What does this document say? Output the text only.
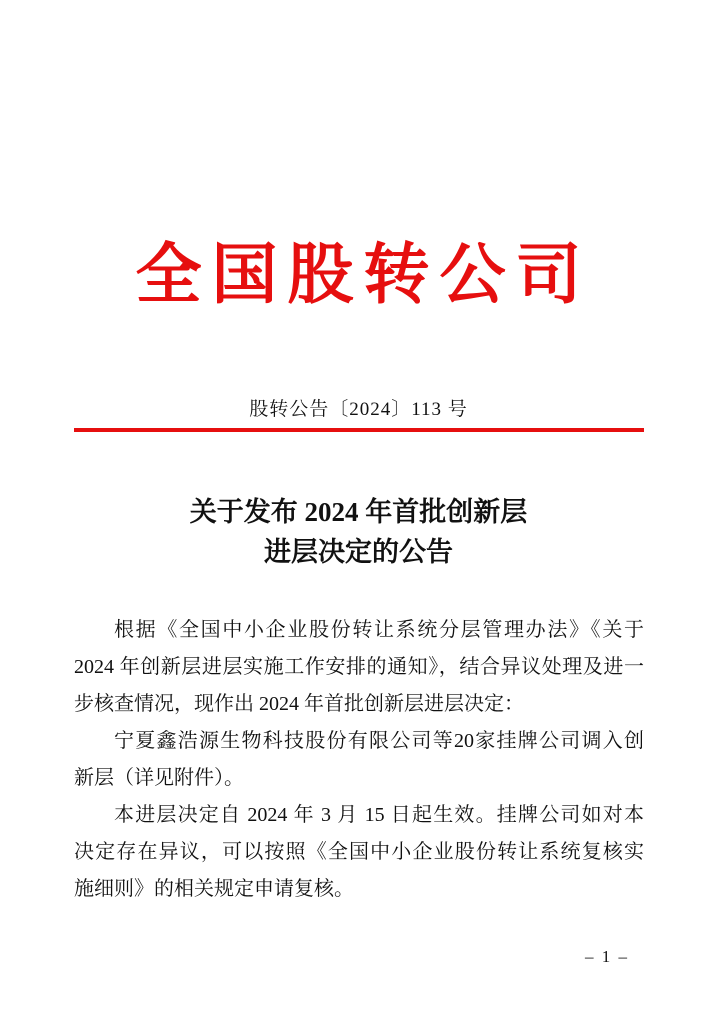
全国股转公司
股转公告〔2024〕113 号
关于发布 2024 年首批创新层
进层决定的公告
根据《全国中小企业股份转让系统分层管理办法》《关于
2024 年创新层进层实施工作安排的通知》，结合异议处理及进一
步核查情况，现作出 2024 年首批创新层进层决定：
宁夏鑫浩源生物科技股份有限公司等20家挂牌公司调入创
新层（详见附件）。
本进层决定自 2024 年 3 月 15 日起生效。挂牌公司如对本
决定存在异议，可以按照《全国中小企业股份转让系统复核实
施细则》的相关规定申请复核。
– 1 –
